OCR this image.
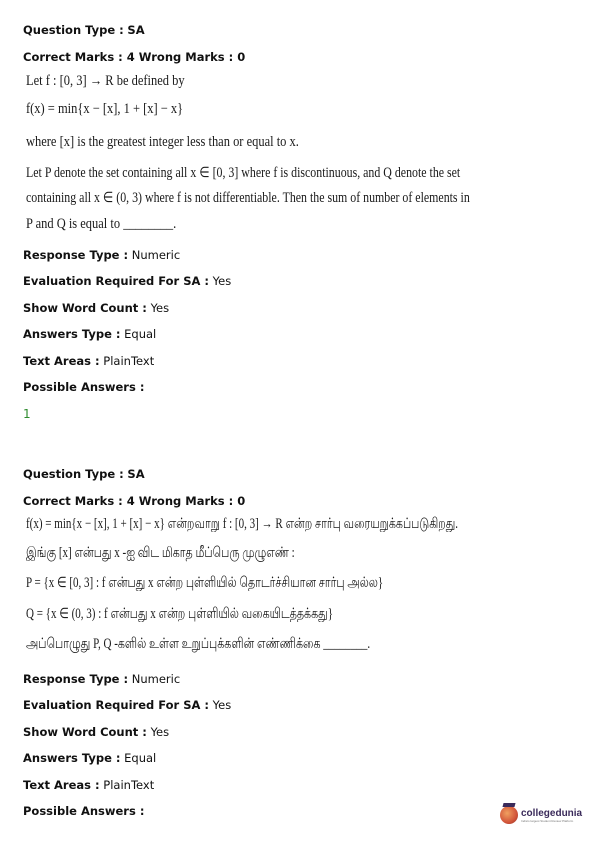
Question Type : SA
Correct Marks : 4 Wrong Marks : 0
Let f : [0, 3] → R be defined by
f(x) = min{x − [x], 1 + [x] − x}
where [x] is the greatest integer less than or equal to x.
Let P denote the set containing all x ∈ [0, 3] where f is discontinuous, and Q denote the set
containing all x ∈ (0, 3) where f is not differentiable. Then the sum of number of elements in
P and Q is equal to ________.
Response Type : Numeric
Evaluation Required For SA : Yes
Show Word Count : Yes
Answers Type : Equal
Text Areas : PlainText
Possible Answers :
1
Question Type : SA
Correct Marks : 4 Wrong Marks : 0
f(x) = min{x − [x], 1 + [x] − x} என்றவாறு f : [0, 3] → R என்ற சார்பு வரையறுக்கப்படுகிறது.
இங்கு [x] என்பது x -ஐ விட மிகாத மீப்பெரு முழுஎண் :
P = {x ∈ [0, 3] : f என்பது x என்ற புள்ளியில் தொடர்ச்சியான சார்பு அல்ல}
Q = {x ∈ (0, 3) : f என்பது x என்ற புள்ளியில் வகையிடத்தக்கது}
அப்பொழுது P, Q -களில் உள்ள உறுப்புக்களின் எண்ணிக்கை ________.
Response Type : Numeric
Evaluation Required For SA : Yes
Show Word Count : Yes
Answers Type : Equal
Text Areas : PlainText
Possible Answers :	collegedunia
India's largest Student Review Platform
